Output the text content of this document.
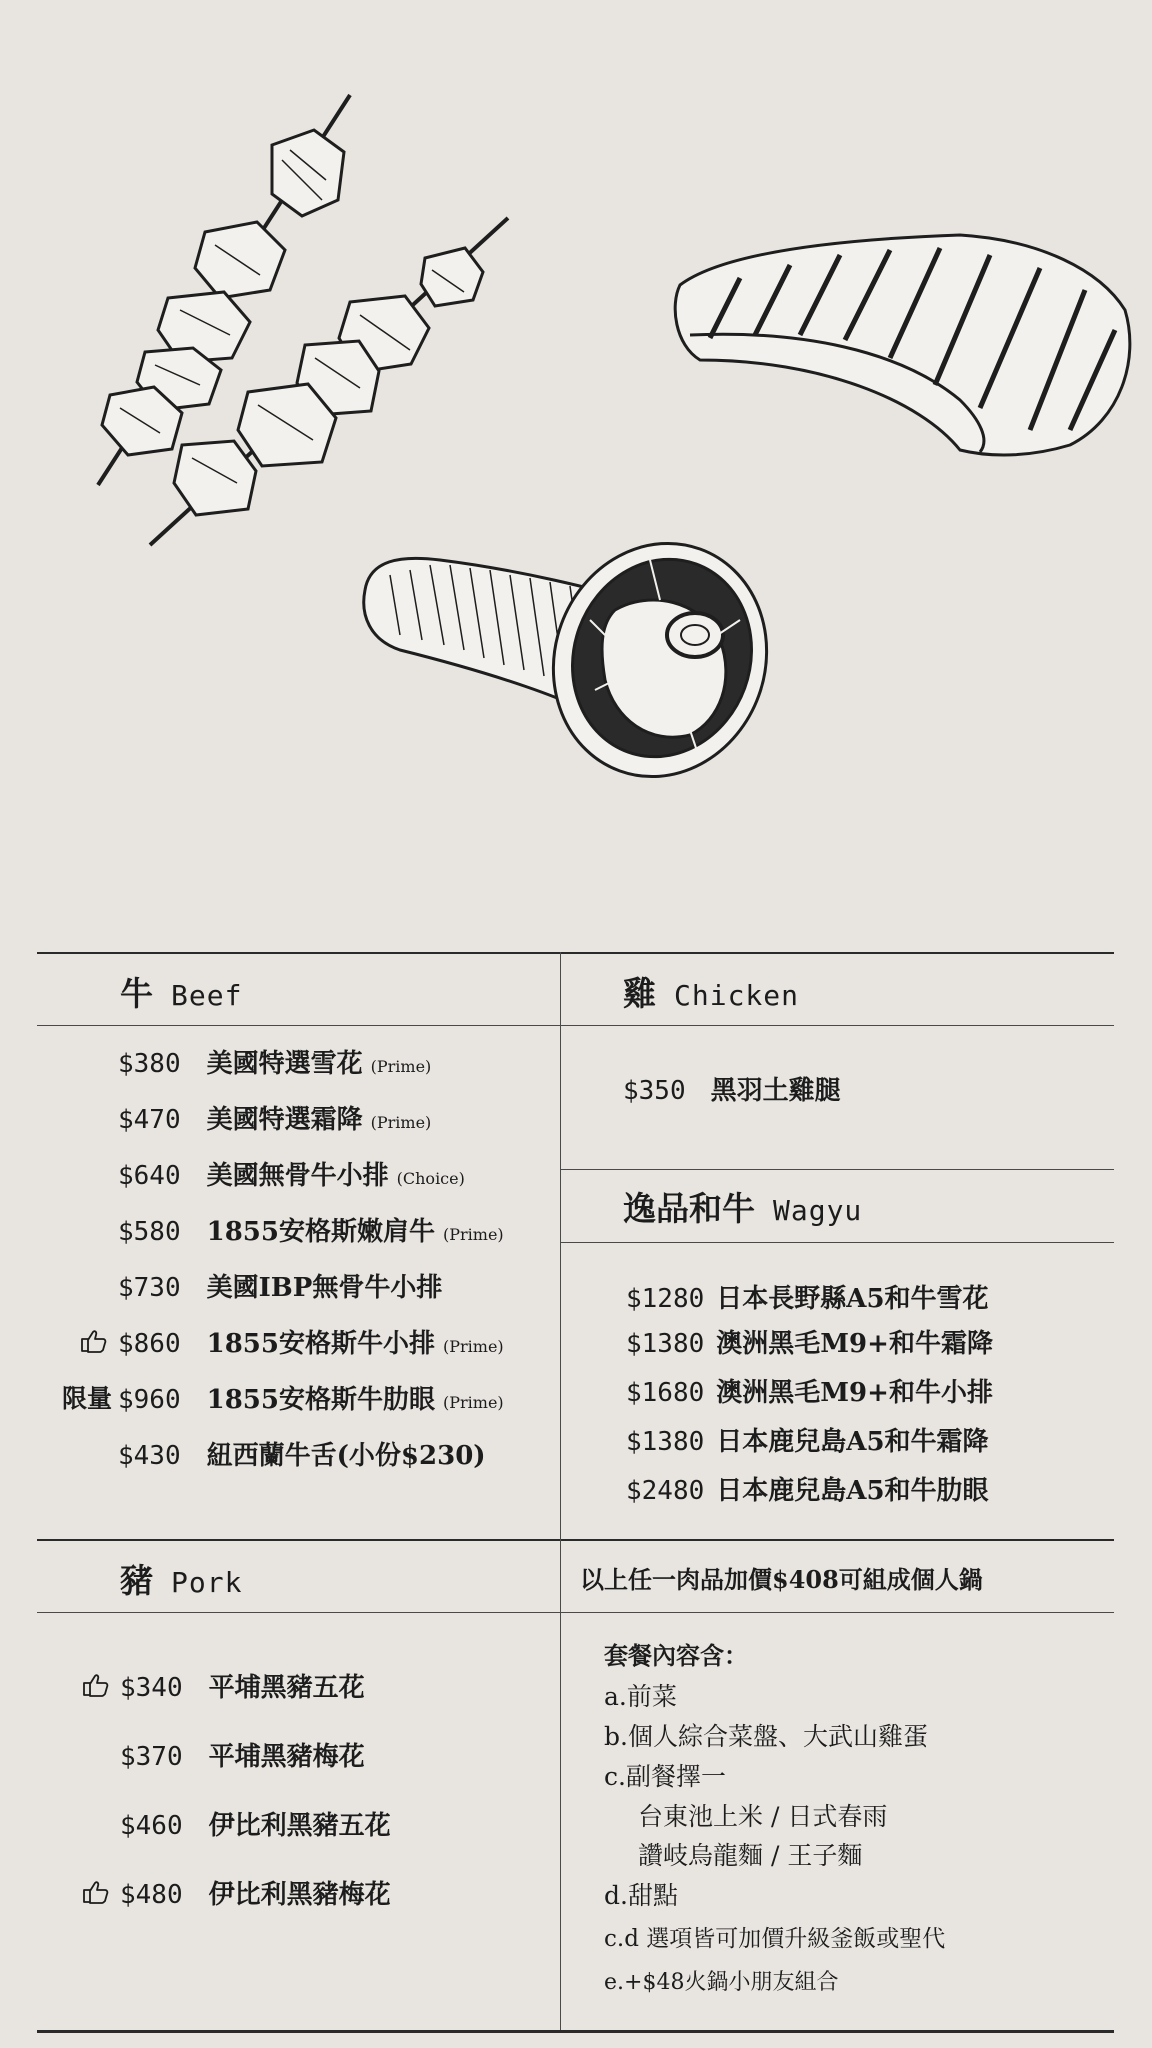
牛 Beef	雞 Chicken
$380 美國特選雪花 (Prime)
$470 美國特選霜降 (Prime)
$640 美國無骨牛小排 (Choice)
$580 1855安格斯嫩肩牛 (Prime)
$730 美國IBP無骨牛小排
$860 1855安格斯牛小排 (Prime)
$960 1855安格斯牛肋眼 (Prime)
限量
$430 紐西蘭牛舌(小份$230)
$350 黑羽土雞腿
逸品和牛 Wagyu
$1280 日本長野縣A5和牛雪花
$1380 澳洲黑毛M9+和牛霜降
$1680 澳洲黑毛M9+和牛小排
$1380 日本鹿兒島A5和牛霜降
$2480 日本鹿兒島A5和牛肋眼
豬 Pork	以上任一肉品加價$408可組成個人鍋
$340 平埔黑豬五花
$370 平埔黑豬梅花
$460 伊比利黑豬五花
$480 伊比利黑豬梅花
套餐內容含：
a.前菜
b.個人綜合菜盤、大武山雞蛋
c.副餐擇一
台東池上米 / 日式春雨
讚岐烏龍麵 / 王子麵
d.甜點
c.d 選項皆可加價升級釜飯或聖代
e.+$48火鍋小朋友組合
